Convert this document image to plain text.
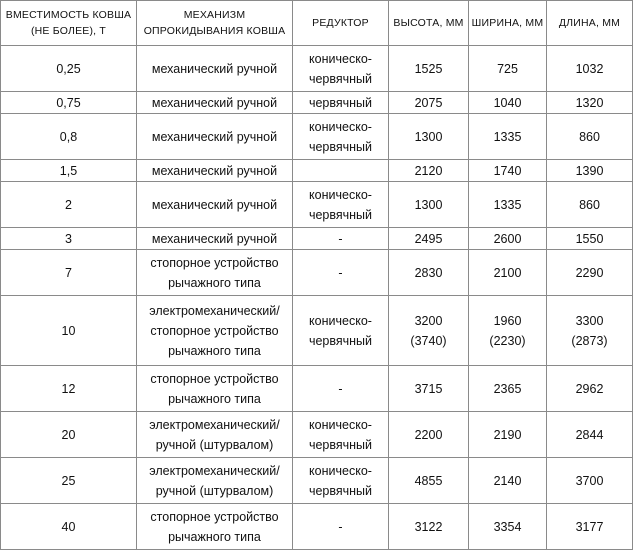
ВМЕСТИМОСТЬ КОВША
(НЕ БОЛЕЕ), Т	МЕХАНИЗМ
ОПРОКИДЫВАНИЯ КОВША	РЕДУКТОР	ВЫСОТА, ММ	ШИРИНА, ММ	ДЛИНА, ММ

0,25	механический ручной	коническо-
червячный	1525	725	1032

0,75	механический ручной	червячный	2075	1040	1320

0,8	механический ручной	коническо-
червячный	1300	1335	860

1,5	механический ручной		2120	1740	1390

2	механический ручной	коническо-
червячный	1300	1335	860

3	механический ручной	-	2495	2600	1550

7	стопорное устройство
рычажного типа	-	2830	2100	2290

10	электромеханический/
стопорное устройство
рычажного типа	коническо-
червячный	3200
(3740)	1960
(2230)	3300
(2873)

12	стопорное устройство
рычажного типа	-	3715	2365	2962

20	электромеханический/
ручной (штурвалом)	коническо-
червячный	2200	2190	2844

25	электромеханический/
ручной (штурвалом)	коническо-
червячный	4855	2140	3700

40	стопорное устройство
рычажного типа	-	3122	3354	3177
